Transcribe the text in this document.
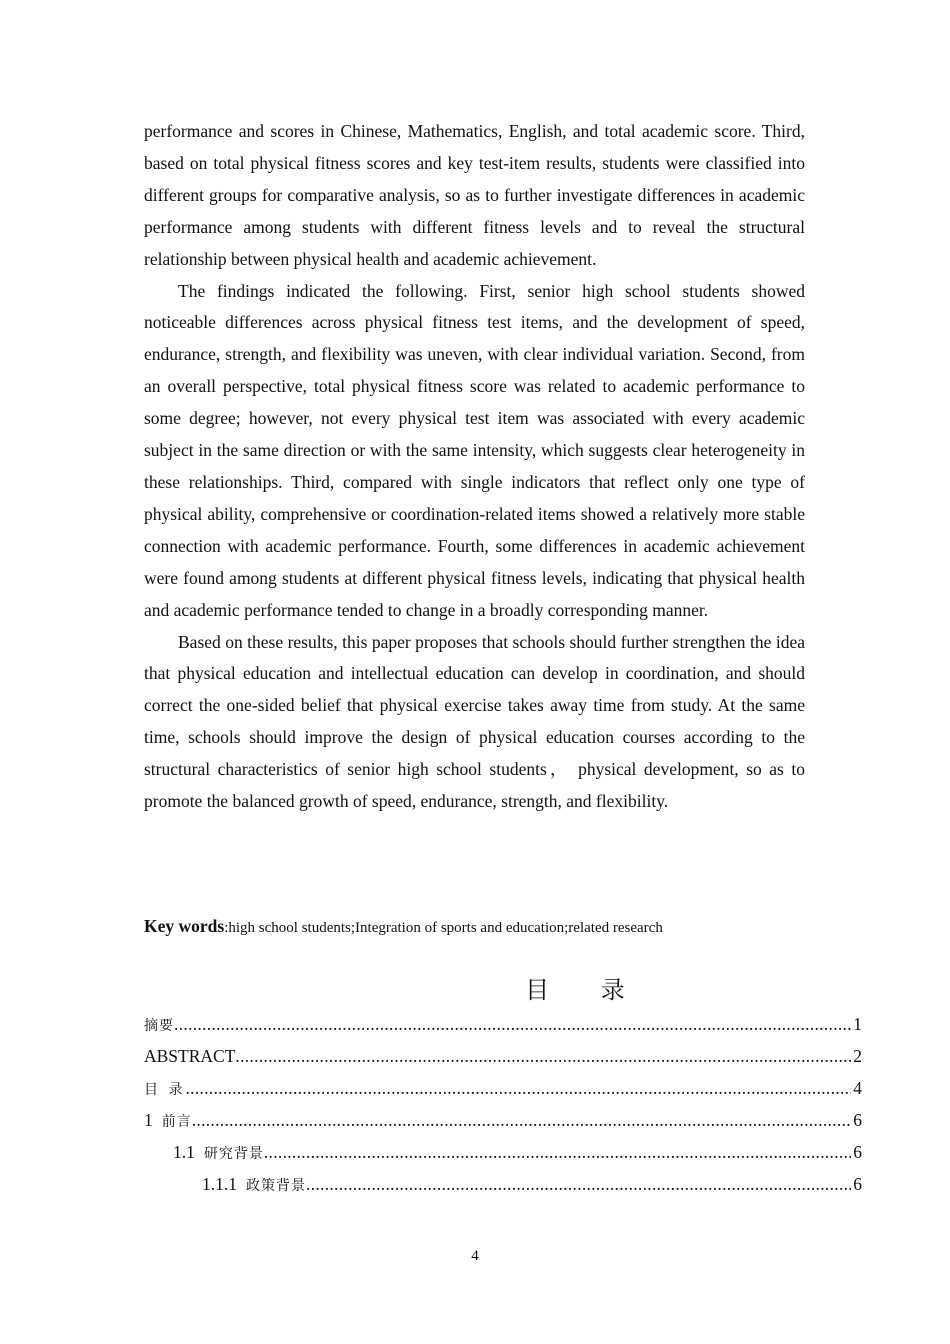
performance and scores in Chinese, Mathematics, English, and total academic score. Third, based on total physical fitness scores and key test-item results, students were classified into different groups for comparative analysis, so as to further investigate differences in academic performance among students with different fitness levels and to reveal the structural relationship between physical health and academic achievement.

The findings indicated the following. First, senior high school students showed noticeable differences across physical fitness test items, and the development of speed, endurance, strength, and flexibility was uneven, with clear individual variation. Second, from an overall perspective, total physical fitness score was related to academic performance to some degree; however, not every physical test item was associated with every academic subject in the same direction or with the same intensity, which suggests clear heterogeneity in these relationships. Third, compared with single indicators that reflect only one type of physical ability, comprehensive or coordination-related items showed a relatively more stable connection with academic performance. Fourth, some differences in academic achievement were found among students at different physical fitness levels, indicating that physical health and academic performance tended to change in a broadly corresponding manner.

Based on these results, this paper proposes that schools should further strengthen the idea that physical education and intellectual education can develop in coordination, and should correct the one-sided belief that physical exercise takes away time from study. At the same time, schools should improve the design of physical education courses according to the structural characteristics of senior high school students， physical development, so as to promote the balanced growth of speed, endurance, strength, and flexibility.

Key words:high school students;Integration of sports and education;related research
目 录
摘要 .....	1
ABSTRACT .....	2
目 录 .....	4
1 前言 .....	6
1.1 研究背景 .....	6
1.1.1 政策背景 .....	6
4
